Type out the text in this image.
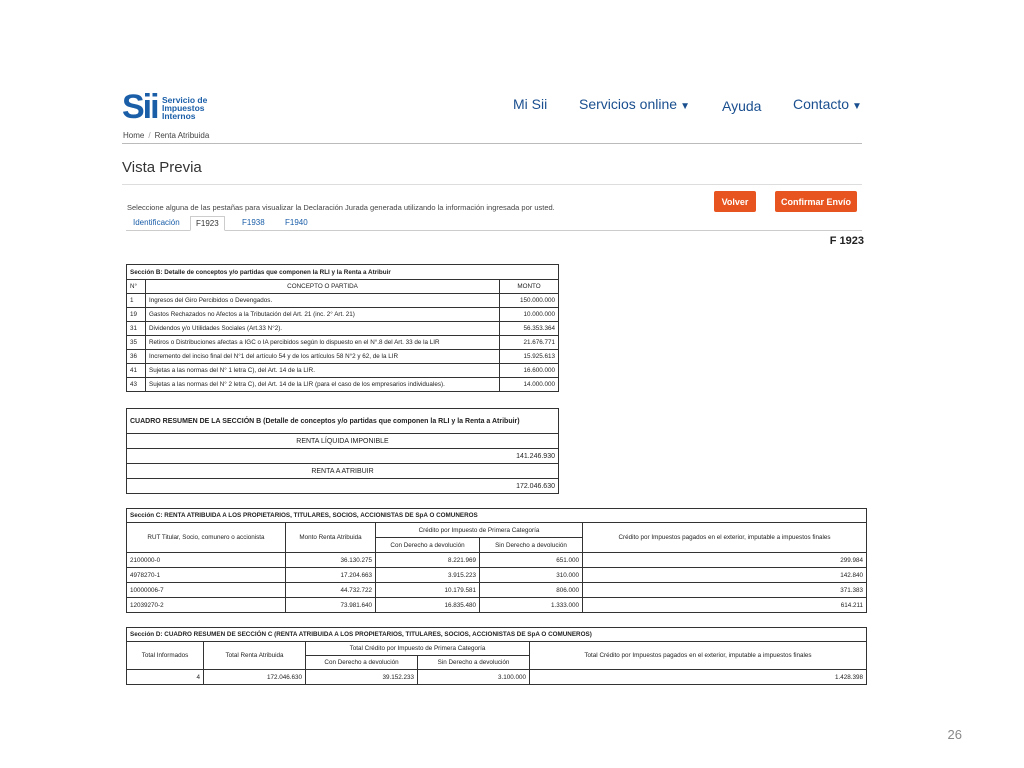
Sii Servicio de
Impuestos
Internos
Mi Sii Servicios online ▼ Ayuda Contacto ▼
Home / Renta Atribuida
Vista Previa
Seleccione alguna de las pestañas para visualizar la Declaración Jurada generada utilizando la información ingresada por usted.
Volver	Confirmar Envío
Identificación	F1923	F1938	F1940
F 1923
Sección B: Detalle de conceptos y/o partidas que componen la RLI y la Renta a Atribuir		
N°	CONCEPTO O PARTIDA	MONTO
1	Ingresos del Giro Percibidos o Devengados.	150.000.000
19	Gastos Rechazados no Afectos a la Tributación del Art. 21 (inc. 2° Art. 21)	10.000.000
31	Dividendos y/o Utilidades Sociales (Art.33 N°2).	56.353.364
35	Retiros o Distribuciones afectas a IGC o IA percibidos según lo dispuesto en el N°.8 del Art. 33 de la LIR	21.676.771
36	Incremento del inciso final del N°1 del artículo 54 y de los artículos 58 N°2 y 62, de la LIR	15.925.613
41	Sujetas a las normas del N° 1 letra C), del Art. 14 de la LIR.	16.600.000
43	Sujetas a las normas del N° 2 letra C), del Art. 14 de la LIR (para el caso de los empresarios individuales).	14.000.000
CUADRO RESUMEN DE LA SECCIÓN B (Detalle de conceptos y/o partidas que componen la RLI y la Renta a Atribuir)
RENTA LÍQUIDA IMPONIBLE
141.246.930
RENTA A ATRIBUIR
172.046.630
Sección C: RENTA ATRIBUIDA A LOS PROPIETARIOS, TITULARES, SOCIOS, ACCIONISTAS DE SpA O COMUNEROS				
RUT Titular, Socio, comunero o accionista	Monto Renta Atribuida	Crédito por Impuesto de Primera Categoría		Crédito por Impuestos pagados en el exterior, imputable a impuestos finales
		Con Derecho a devolución	Sin Derecho a devolución	
2100000-0	36.130.275	8.221.969	651.000	299.984
4978270-1	17.204.663	3.915.223	310.000	142.840
10000006-7	44.732.722	10.179.581	806.000	371.383
12039270-2	73.981.640	16.835.480	1.333.000	614.211
Sección D: CUADRO RESUMEN DE SECCIÓN C (RENTA ATRIBUIDA A LOS PROPIETARIOS, TITULARES, SOCIOS, ACCIONISTAS DE SpA O COMUNEROS)				
Total Informados	Total Renta Atribuida	Total Crédito por Impuesto de Primera Categoría		Total Crédito por Impuestos pagados en el exterior, imputable a impuestos finales
		Con Derecho a devolución	Sin Derecho a devolución	
4	172.046.630	39.152.233	3.100.000	1.428.398
26
